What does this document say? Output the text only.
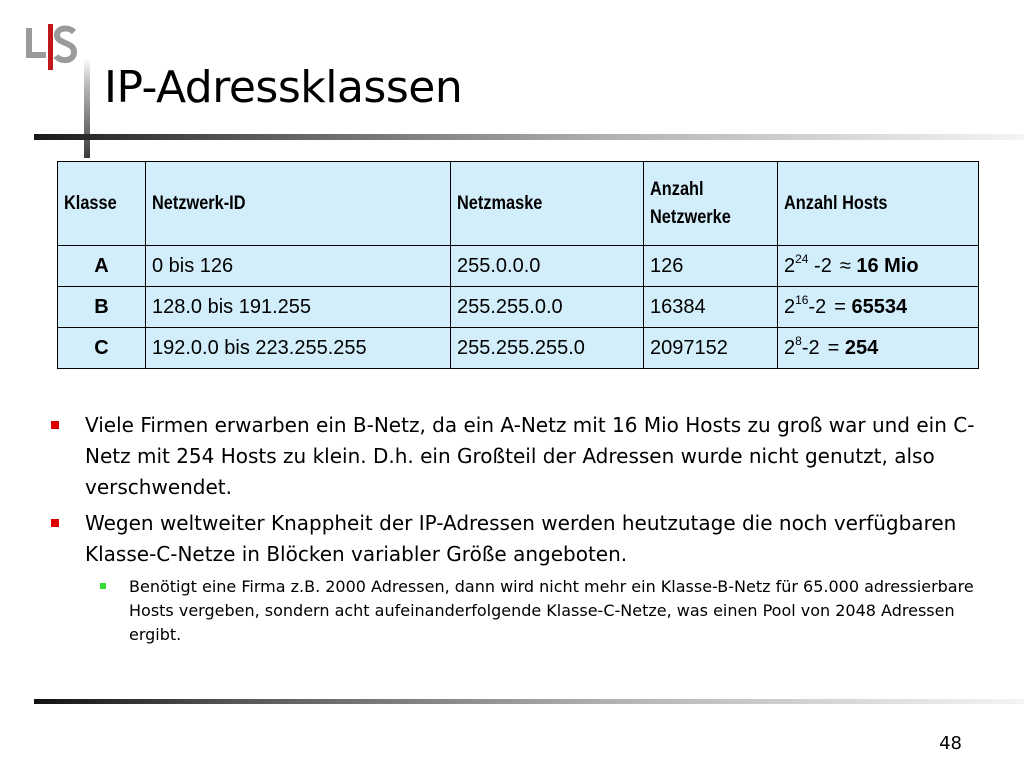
IP-Adressklassen
Klasse	Netzwerk-ID	Netzmaske	Anzahl Netzwerke	Anzahl Hosts
A	0 bis 126	255.0.0.0	126	$2^{24}$ -2 ≈ 16 Mio
B	128.0 bis 191.255	255.255.0.0	16384	$2^{16}-2 = 65534$
C	192.0.0 bis 223.255.255	255.255.255.0	2097152	$2^8-2 = 254$
Viele Firmen erwarben ein B-Netz, da ein A-Netz mit 16 Mio Hosts zu groß war und ein C-Netz mit 254 Hosts zu klein. D.h. ein Großteil der Adressen wurde nicht genutzt, also verschwendet.
Wegen weltweiter Knappheit der IP-Adressen werden heutzutage die noch verfügbaren Klasse-C-Netze in Blöcken variabler Größe angeboten.
Benötigt eine Firma z.B. 2000 Adressen, dann wird nicht mehr ein Klasse-B-Netz für 65.000 adressierbare Hosts vergeben, sondern acht aufeinanderfolgende Klasse-C-Netze, was einen Pool von 2048 Adressen ergibt.
48
